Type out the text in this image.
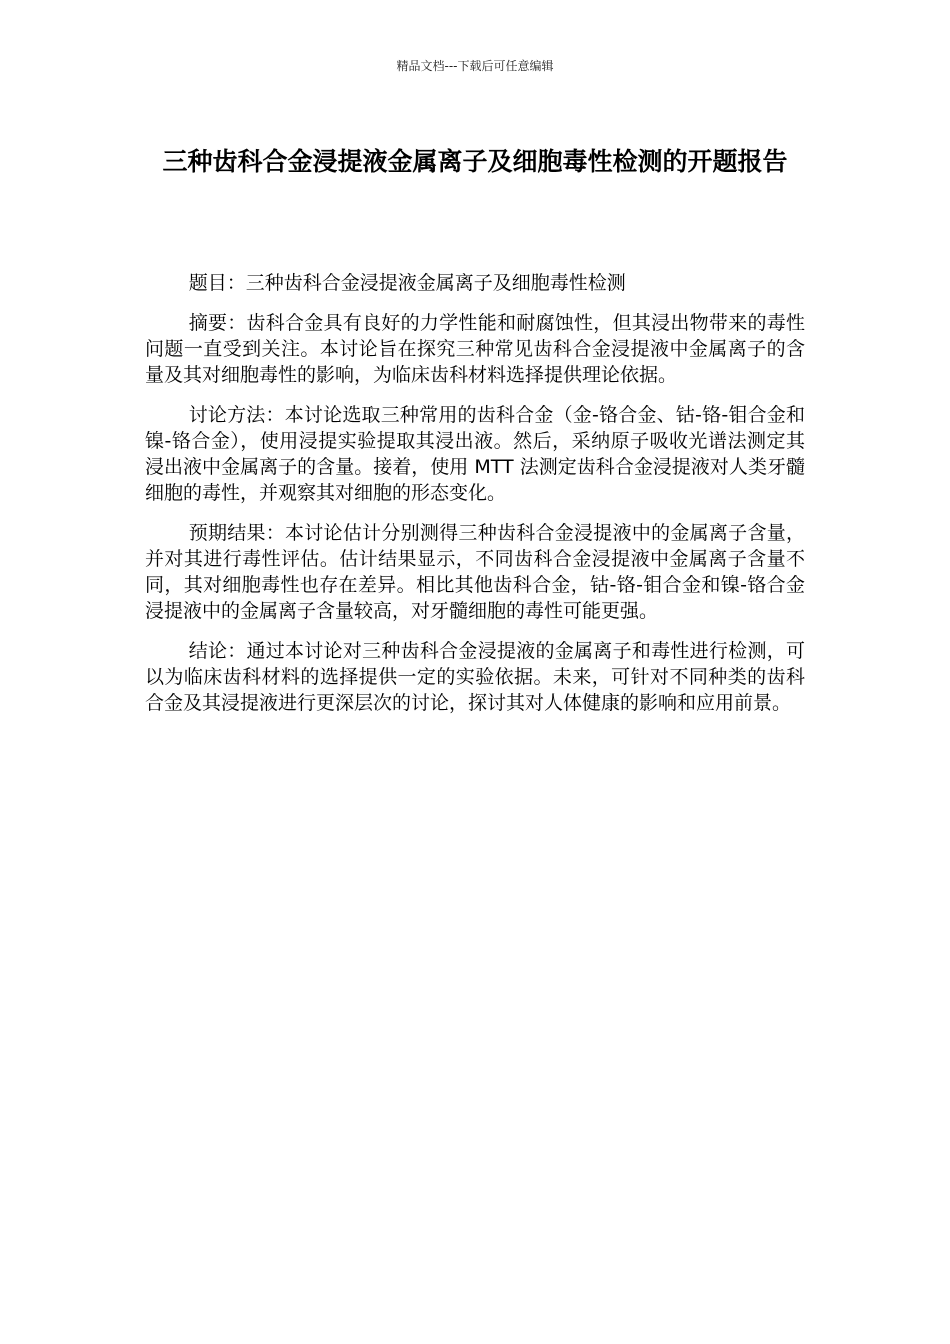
精品文档---下载后可任意编辑
三种齿科合金浸提液金属离子及细胞毒性检测的开题报告

题目：三种齿科合金浸提液金属离子及细胞毒性检测

摘要：齿科合金具有良好的力学性能和耐腐蚀性，但其浸出物带来的毒性问题一直受到关注。本讨论旨在探究三种常见齿科合金浸提液中金属离子的含量及其对细胞毒性的影响，为临床齿科材料选择提供理论依据。

讨论方法：本讨论选取三种常用的齿科合金（金-铬合金、钴-铬-钼合金和镍-铬合金），使用浸提实验提取其浸出液。然后，采纳原子吸收光谱法测定其浸出液中金属离子的含量。接着，使用 MTT 法测定齿科合金浸提液对人类牙髓细胞的毒性，并观察其对细胞的形态变化。

预期结果：本讨论估计分别测得三种齿科合金浸提液中的金属离子含量，并对其进行毒性评估。估计结果显示，不同齿科合金浸提液中金属离子含量不同，其对细胞毒性也存在差异。相比其他齿科合金，钴-铬-钼合金和镍-铬合金浸提液中的金属离子含量较高，对牙髓细胞的毒性可能更强。

结论：通过本讨论对三种齿科合金浸提液的金属离子和毒性进行检测，可以为临床齿科材料的选择提供一定的实验依据。未来，可针对不同种类的齿科合金及其浸提液进行更深层次的讨论，探讨其对人体健康的影响和应用前景。
